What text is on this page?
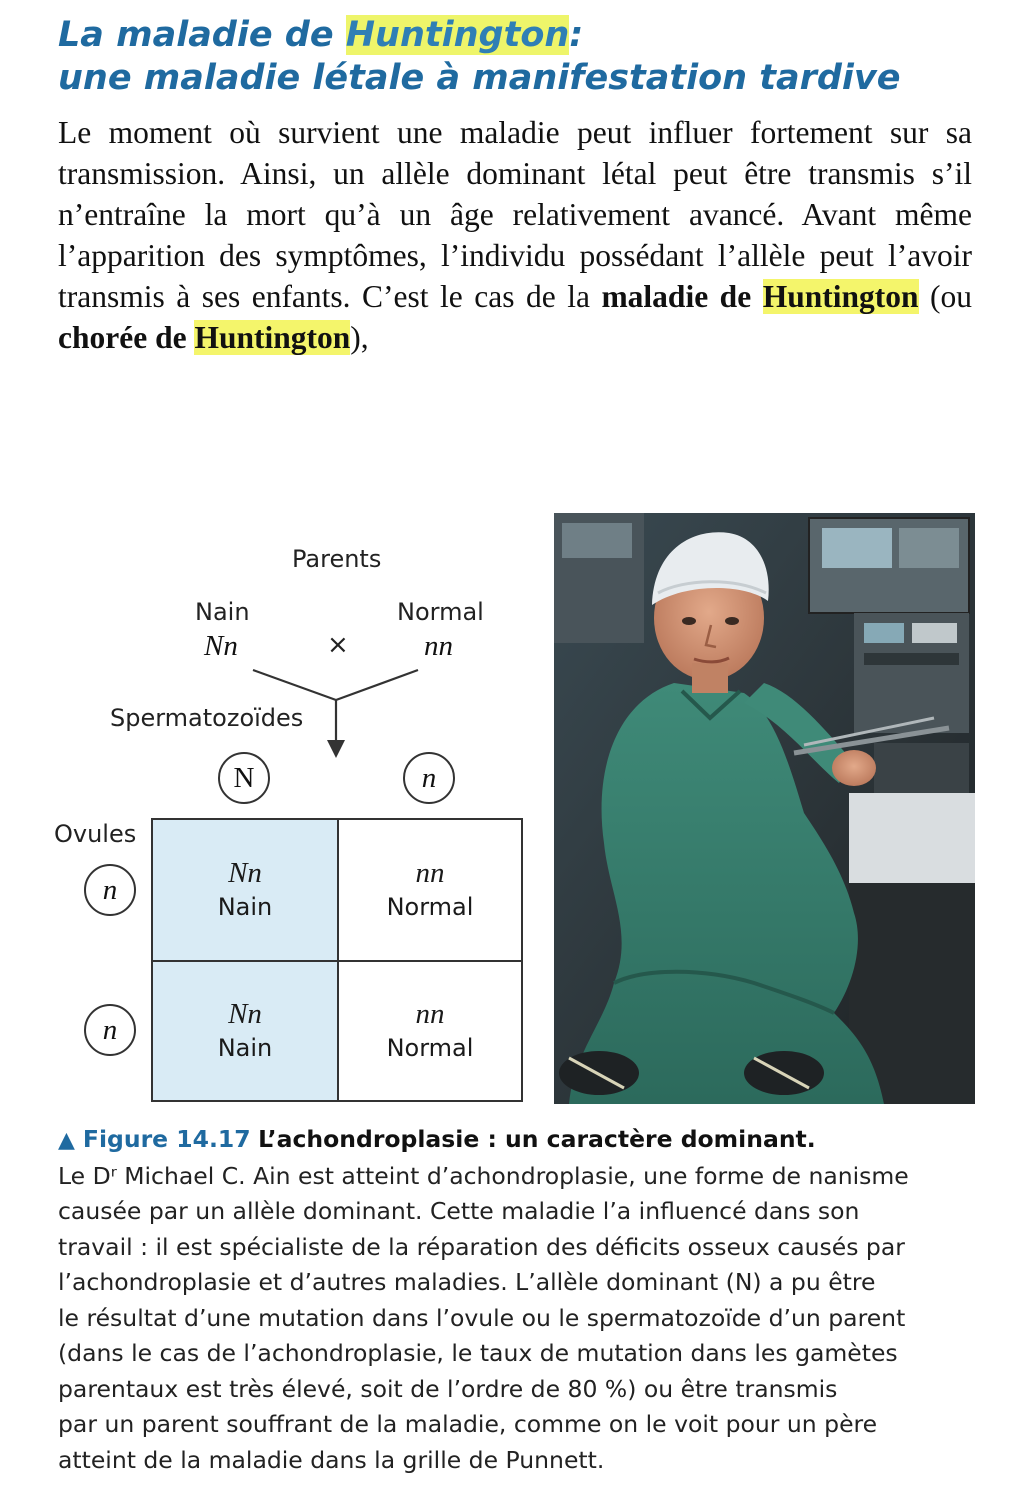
La maladie de Huntington:
une maladie létale à manifestation tardive
Le moment où survient une maladie peut influer fortement sur sa transmission. Ainsi, un allèle dominant létal peut être transmis s’il n’entraîne la mort qu’à un âge relativement avancé. Avant même l’apparition des symptômes, l’individu possédant l’allèle peut l’avoir transmis à ses enfants. C’est le cas de la maladie de Huntington (ou chorée de Huntington),
Parents
Nain
Nn	×
Normal
nn
Spermatozoïdes
N	n
Ovules
n
n
Nn
Nain
nn
Normal
Nn
Nain
nn
Normal
▲ Figure 14.17 L’achondroplasie : un caractère dominant.
Le Dʳ Michael C. Ain est atteint d’achondroplasie, une forme de nanisme
causée par un allèle dominant. Cette maladie l’a influencé dans son
travail : il est spécialiste de la réparation des déficits osseux causés par
l’achondroplasie et d’autres maladies. L’allèle dominant (N) a pu être
le résultat d’une mutation dans l’ovule ou le spermatozoïde d’un parent
(dans le cas de l’achondroplasie, le taux de mutation dans les gamètes
parentaux est très élevé, soit de l’ordre de 80 %) ou être transmis
par un parent souffrant de la maladie, comme on le voit pour un père
atteint de la maladie dans la grille de Punnett.
